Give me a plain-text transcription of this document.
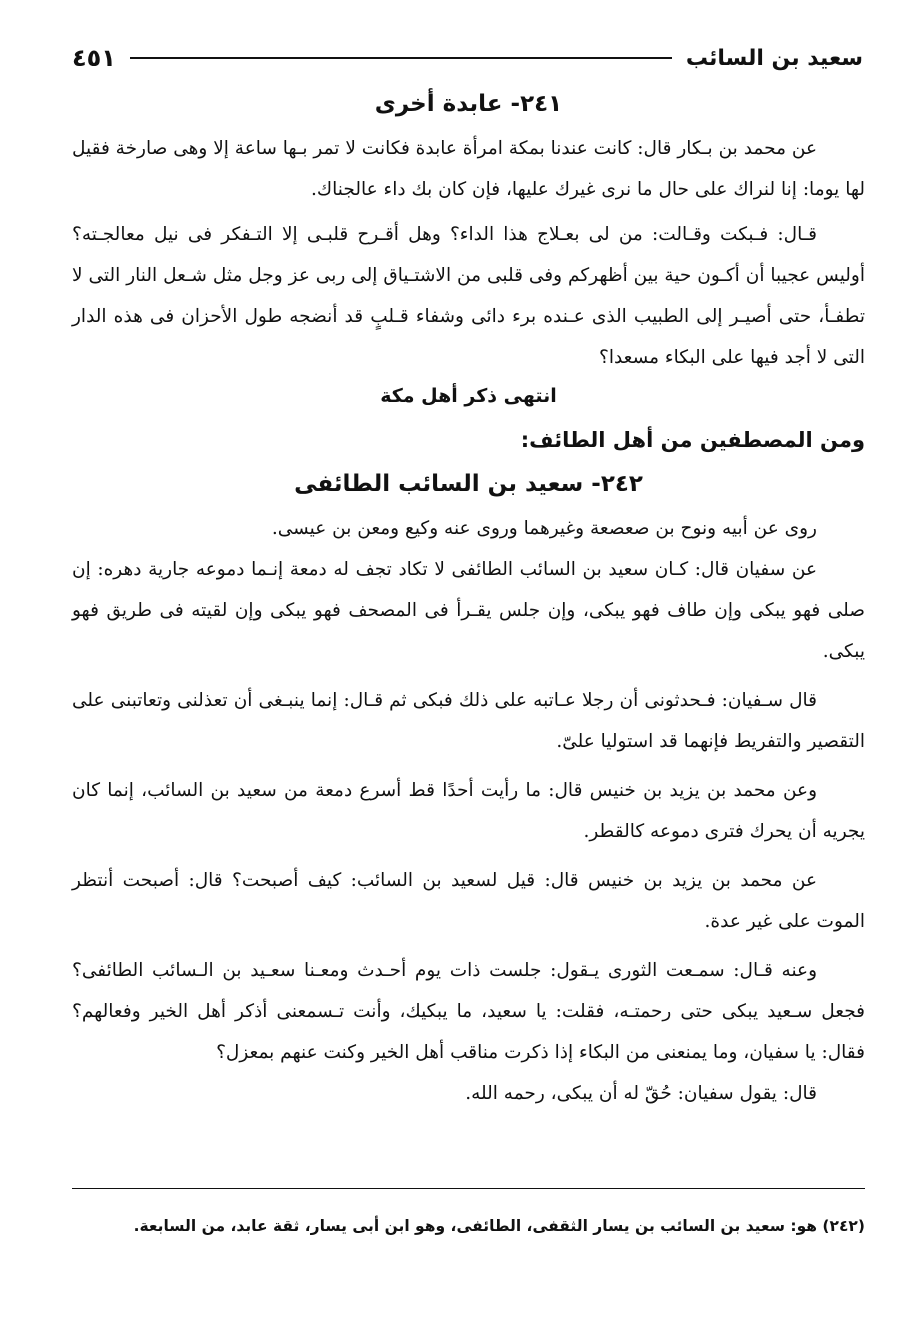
سعيد بن السائب
٤٥١
٢٤١- عابدة أخرى

عن محمد بن بـكار قال: كانت عندنا بمكة امرأة عابدة فكانت لا تمر بـها ساعة إلا وهى صارخة فقيل لها يوما: إنا لنراك على حال ما نرى غيرك عليها، فإن كان بك داء عالجناك.

قـال: فـبكت وقـالت: من لى بعـلاج هذا الداء؟ وهل أقـرح قلبـى إلا التـفكر فى نيل معالجـته؟ أوليس عجيبا أن أكـون حية بين أظهركم وفى قلبى من الاشتـياق إلى ربى عز وجل مثل شـعل النار التى لا تطفـأ، حتى أصيـر إلى الطبيب الذى عـنده برء دائى وشفاء قـلبٍ قد أنضجه طول الأحزان فى هذه الدار التى لا أجد فيها على البكاء مسعدا؟

انتهى ذكر أهل مكة

ومن المصطفين من أهل الطائف:
٢٤٢- سعيد بن السائب الطائفى

روى عن أبيه ونوح بن صعصعة وغيرهما وروى عنه وكيع ومعن بن عيسى.

عن سفيان قال: كـان سعيد بن السائب الطائفى لا تكاد تجف له دمعة إنـما دموعه جارية دهره: إن صلى فهو يبكى وإن طاف فهو يبكى، وإن جلس يقـرأ فى المصحف فهو يبكى وإن لقيته فى طريق فهو يبكى.

قال سـفيان: فـحدثونى أن رجلا عـاتبه على ذلك فبكى ثم قـال: إنما ينبـغى أن تعذلنى وتعاتبنى على التقصير والتفريط فإنهما قد استوليا علىّ.

وعن محمد بن يزيد بن خنيس قال: ما رأيت أحدًا قط أسرع دمعة من سعيد بن السائب، إنما كان يجريه أن يحرك فترى دموعه كالقطر.

عن محمد بن يزيد بن خنيس قال: قيل لسعيد بن السائب: كيف أصبحت؟ قال: أصبحت أنتظر الموت على غير عدة.

وعنه قـال: سمـعت الثورى يـقول: جلست ذات يوم أحـدث ومعـنا سعـيد بن الـسائب الطائفى؟ فجعل سـعيد يبكى حتى رحمتـه، فقلت: يا سعيد، ما يبكيك، وأنت تـسمعنى أذكر أهل الخير وفعالهم؟ فقال: يا سفيان، وما يمنعنى من البكاء إذا ذكرت مناقب أهل الخير وكنت عنهم بمعزل؟

قال: يقول سفيان: حُقّ له أن يبكى، رحمه الله.

(٢٤٢) هو: سعيد بن السائب بن يسار الثقفى، الطائفى، وهو ابن أبى يسار، ثقة عابد، من السابعة.
